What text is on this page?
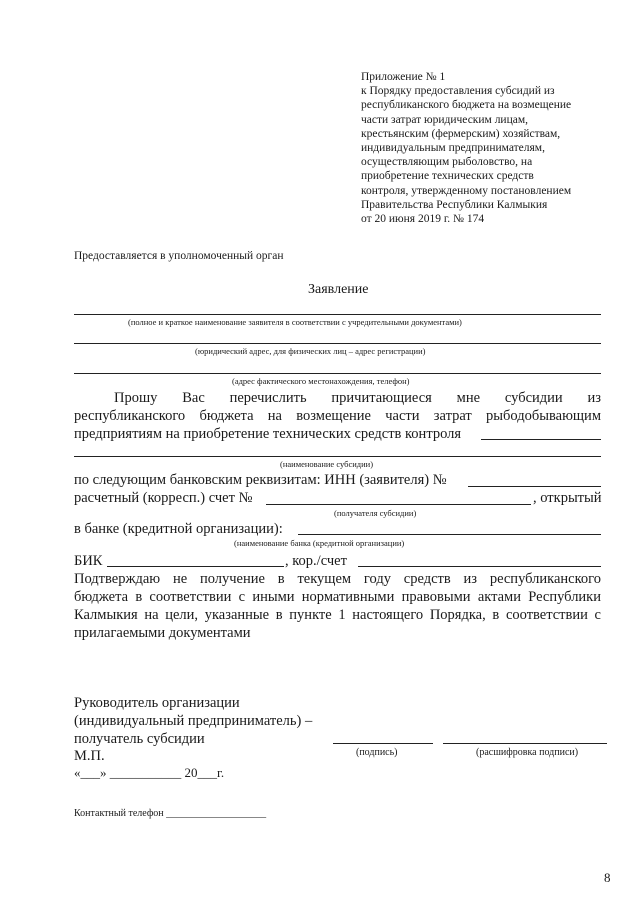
Приложение № 1
к Порядку предоставления субсидий из
республиканского бюджета на возмещение
части затрат юридическим лицам,
крестьянским (фермерским) хозяйствам,
индивидуальным предпринимателям,
осуществляющим рыболовство, на
приобретение технических средств
контроля, утвержденному постановлением
Правительства Республики Калмыкия
от 20 июня 2019 г. № 174
Предоставляется в уполномоченный орган
Заявление
(полное и краткое наименование заявителя в соответствии с учредительными документами)
(юридический адрес, для физических лиц – адрес регистрации)
(адрес фактического местонахождения, телефон)
Прошу Вас перечислить причитающиеся мне субсидии из
республиканского бюджета на возмещение части затрат рыбодобывающим
предприятиям на приобретение технических средств контроля
(наименование субсидии)
по следующим банковским реквизитам: ИНН (заявителя) №
расчетный (корресп.) счет №	, открытый
(получателя субсидии)
в банке (кредитной организации):
(наименование банка (кредитной организации)
БИК	, кор./счет
Подтверждаю не получение в текущем году средств из республиканского
бюджета в соответствии с иными нормативными правовыми актами Республики
Калмыкия на цели, указанные в пункте 1 настоящего Порядка, в соответствии с
прилагаемыми документами
Руководитель организации
(индивидуальный предприниматель) –
получатель субсидии
М.П.
«___» ___________ 20___г.
(подпись)	(расшифровка подписи)
Контактный телефон ____________________
8
